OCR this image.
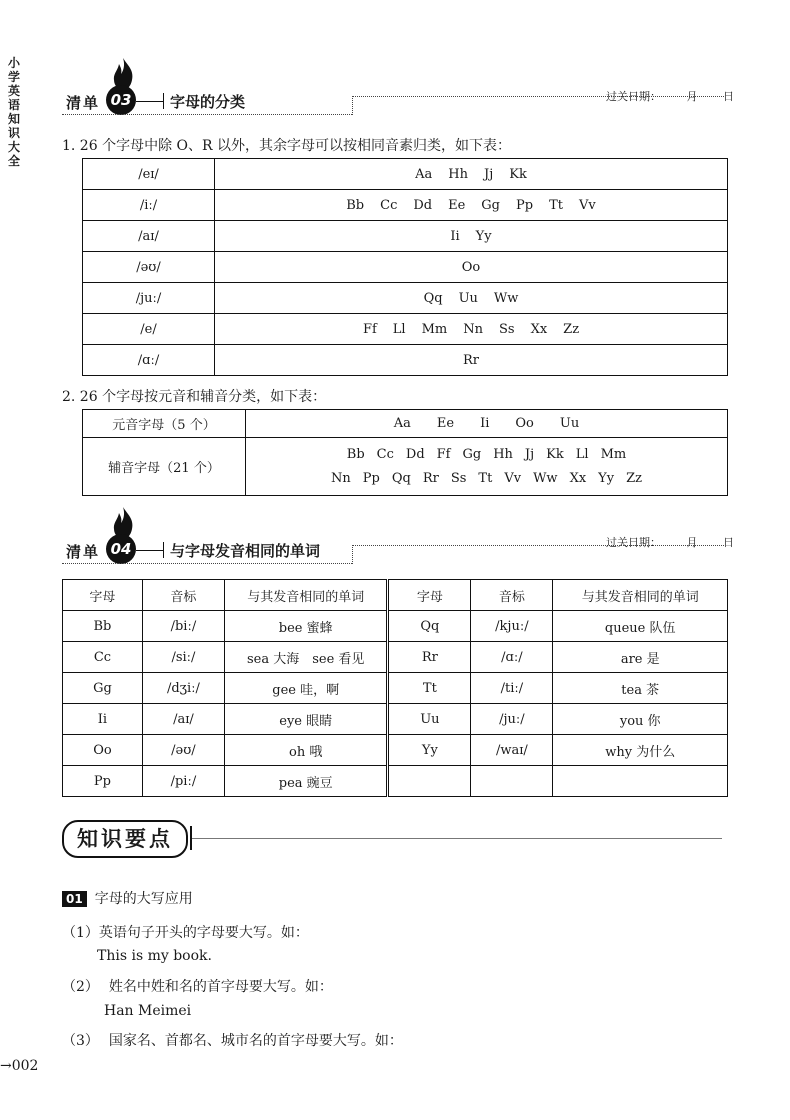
小学英语知识大全
清单 03	字母的分类	过关日期： 月 日
1. 26 个字母中除 O、R 以外，其余字母可以按相同音素归类，如下表：
/eɪ/	Aa Hh Jj Kk
/iː/	Bb Cc Dd Ee Gg Pp Tt Vv
/aɪ/	Ii Yy
/əʊ/	Oo
/juː/	Qq Uu Ww
/e/	Ff Ll Mm Nn Ss Xx Zz
/ɑː/	Rr
2. 26 个字母按元音和辅音分类，如下表：
元音字母（5 个）	Aa Ee Ii Oo Uu
辅音字母（21 个）	Bb Cc Dd Ff Gg Hh Jj Kk Ll Mm
Nn Pp Qq Rr Ss Tt Vv Ww Xx Yy Zz
清单 04	与字母发音相同的单词	过关日期： 月 日
字母	音标	与其发音相同的单词	字母	音标	与其发音相同的单词
Bb	/biː/	bee 蜜蜂	Qq	/kjuː/	queue 队伍
Cc	/siː/	sea 大海　see 看见	Rr	/ɑː/	are 是
Gg	/dʒiː/	gee 哇，啊	Tt	/tiː/	tea 茶
Ii	/aɪ/	eye 眼睛	Uu	/juː/	you 你
Oo	/əʊ/	oh 哦	Yy	/waɪ/	why 为什么
Pp	/piː/	pea 豌豆			
知识要点
01 字母的大写应用
（1）英语句子开头的字母要大写。如：
This is my book.
（2） 姓名中姓和名的首字母要大写。如：
Han Meimei
（3） 国家名、首都名、城市名的首字母要大写。如：
→002
